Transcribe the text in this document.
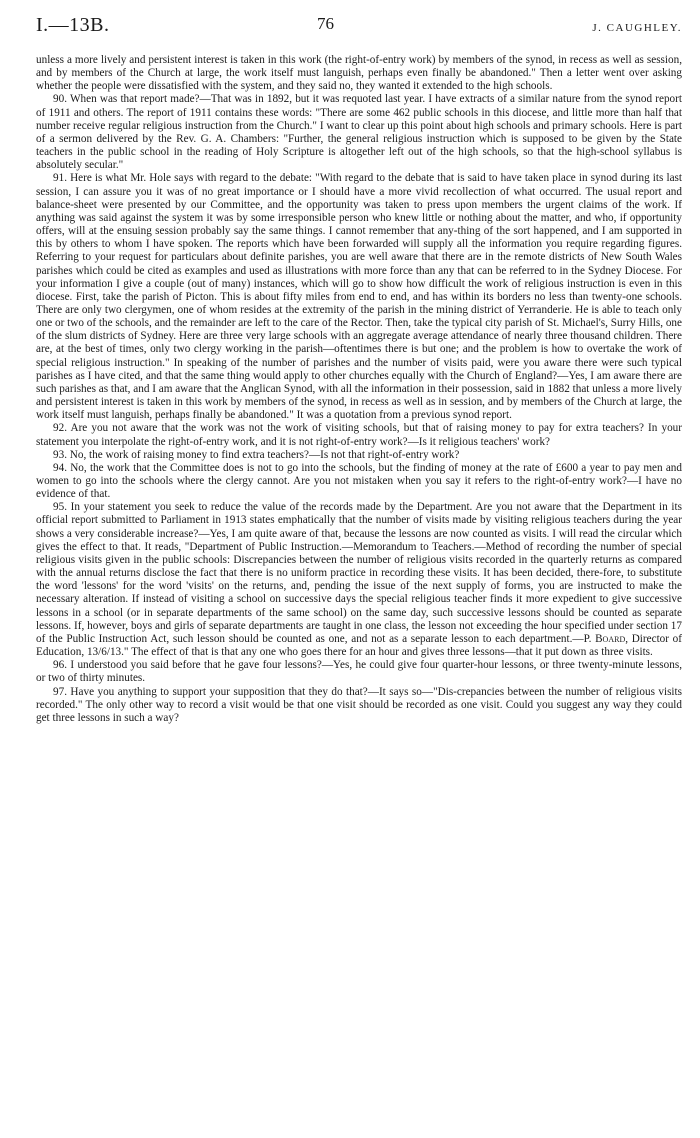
I.—13B.	76	J. CAUGHLEY.

unless a more lively and persistent interest is taken in this work (the right-of-entry work) by members of the synod, in recess as well as session, and by members of the Church at large, the work itself must languish, perhaps even finally be abandoned." Then a letter went over asking whether the people were dissatisfied with the system, and they said no, they wanted it extended to the high schools.

90. When was that report made?—That was in 1892, but it was requoted last year. I have extracts of a similar nature from the synod report of 1911 and others. The report of 1911 contains these words: "There are some 462 public schools in this diocese, and little more than half that number receive regular religious instruction from the Church." I want to clear up this point about high schools and primary schools. Here is part of a sermon delivered by the Rev. G. A. Chambers: "Further, the general religious instruction which is supposed to be given by the State teachers in the public school in the reading of Holy Scripture is altogether left out of the high schools, so that the high-school syllabus is absolutely secular."

91. Here is what Mr. Hole says with regard to the debate: "With regard to the debate that is said to have taken place in synod during its last session, I can assure you it was of no great importance or I should have a more vivid recollection of what occurred. The usual report and balance-sheet were presented by our Committee, and the opportunity was taken to press upon members the urgent claims of the work. If anything was said against the system it was by some irresponsible person who knew little or nothing about the matter, and who, if opportunity offers, will at the ensuing session probably say the same things. I cannot remember that any-thing of the sort happened, and I am supported in this by others to whom I have spoken. The reports which have been forwarded will supply all the information you require regarding figures. Referring to your request for particulars about definite parishes, you are well aware that there are in the remote districts of New South Wales parishes which could be cited as examples and used as illustrations with more force than any that can be referred to in the Sydney Diocese. For your information I give a couple (out of many) instances, which will go to show how difficult the work of religious instruction is even in this diocese. First, take the parish of Picton. This is about fifty miles from end to end, and has within its borders no less than twenty-one schools. There are only two clergymen, one of whom resides at the extremity of the parish in the mining district of Yerranderie. He is able to teach only one or two of the schools, and the remainder are left to the care of the Rector. Then, take the typical city parish of St. Michael's, Surry Hills, one of the slum districts of Sydney. Here are three very large schools with an aggregate average attendance of nearly three thousand children. There are, at the best of times, only two clergy working in the parish—oftentimes there is but one; and the problem is how to overtake the work of special religious instruction." In speaking of the number of parishes and the number of visits paid, were you aware there were such typical parishes as I have cited, and that the same thing would apply to other churches equally with the Church of England?—Yes, I am aware there are such parishes as that, and I am aware that the Anglican Synod, with all the information in their possession, said in 1882 that unless a more lively and persistent interest is taken in this work by members of the synod, in recess as well as in session, and by members of the Church at large, the work itself must languish, perhaps finally be abandoned." It was a quotation from a previous synod report.

92. Are you not aware that the work was not the work of visiting schools, but that of raising money to pay for extra teachers? In your statement you interpolate the right-of-entry work, and it is not right-of-entry work?—Is it religious teachers' work?

93. No, the work of raising money to find extra teachers?—Is not that right-of-entry work?

94. No, the work that the Committee does is not to go into the schools, but the finding of money at the rate of £600 a year to pay men and women to go into the schools where the clergy cannot. Are you not mistaken when you say it refers to the right-of-entry work?—I have no evidence of that.

95. In your statement you seek to reduce the value of the records made by the Department. Are you not aware that the Department in its official report submitted to Parliament in 1913 states emphatically that the number of visits made by visiting religious teachers during the year shows a very considerable increase?—Yes, I am quite aware of that, because the lessons are now counted as visits. I will read the circular which gives the effect to that. It reads, "Department of Public Instruction.—Memorandum to Teachers.—Method of recording the number of special religious visits given in the public schools: Discrepancies between the number of religious visits recorded in the quarterly returns as compared with the annual returns disclose the fact that there is no uniform practice in recording these visits. It has been decided, there-fore, to substitute the word 'lessons' for the word 'visits' on the returns, and, pending the issue of the next supply of forms, you are instructed to make the necessary alteration. If instead of visiting a school on successive days the special religious teacher finds it more expedient to give successive lessons in a school (or in separate departments of the same school) on the same day, such successive lessons should be counted as separate lessons. If, however, boys and girls of separate departments are taught in one class, the lesson not exceeding the hour specified under section 17 of the Public Instruction Act, such lesson should be counted as one, and not as a separate lesson to each department.—P. Board, Director of Education, 13/6/13." The effect of that is that any one who goes there for an hour and gives three lessons—that it put down as three visits.

96. I understood you said before that he gave four lessons?—Yes, he could give four quarter-hour lessons, or three twenty-minute lessons, or two of thirty minutes.

97. Have you anything to support your supposition that they do that?—It says so—"Dis-crepancies between the number of religious visits recorded." The only other way to record a visit would be that one visit should be recorded as one visit. Could you suggest any way they could get three lessons in such a way?
